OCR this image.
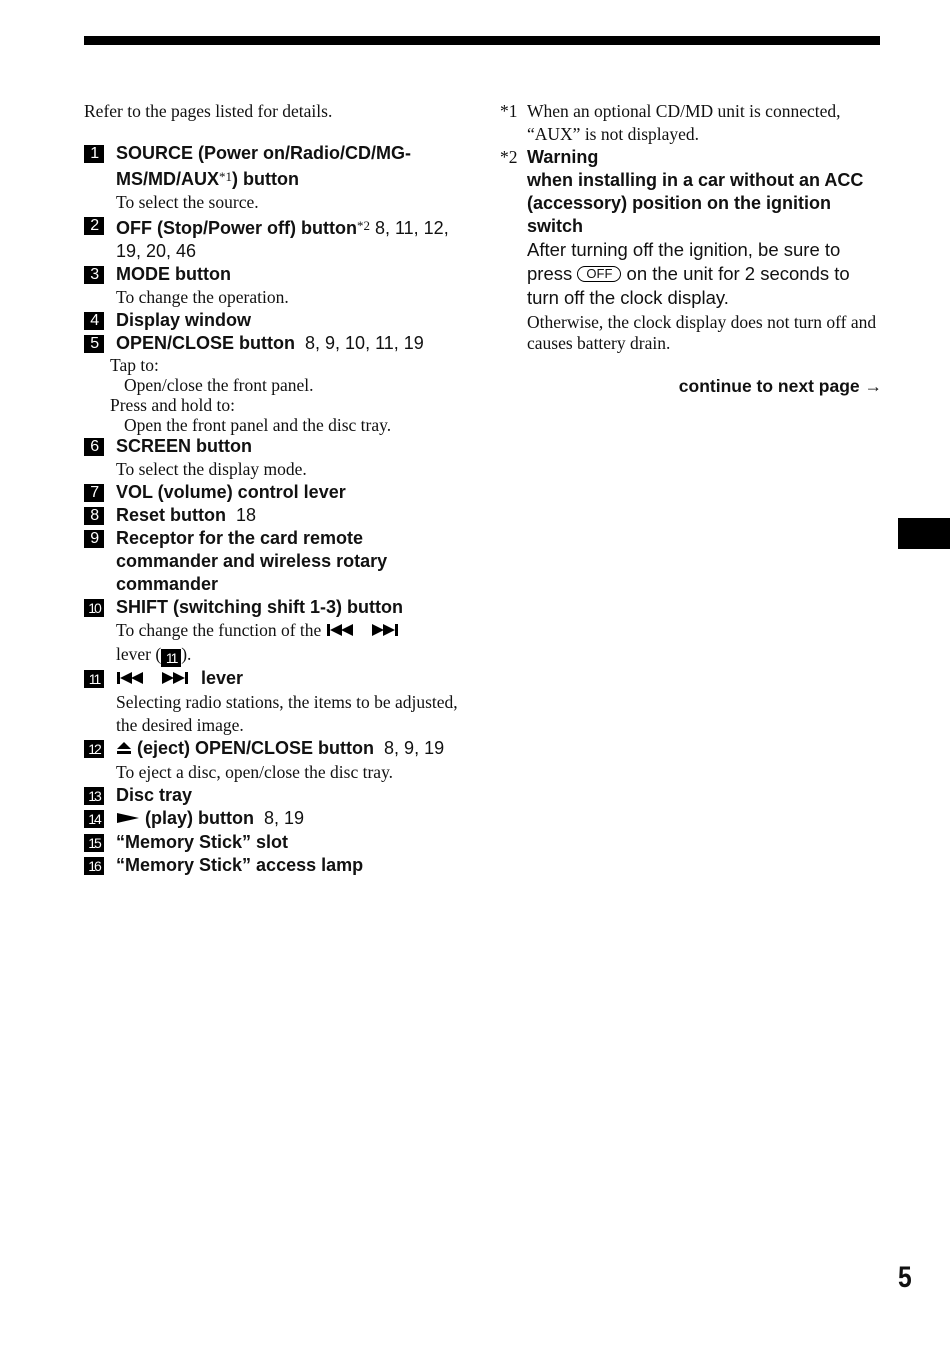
5
Refer to the pages listed for details.
1	SOURCE (Power on/Radio/CD/MG-MS/MD/AUX$^{*1}$) button
To select the source.
2	OFF (Stop/Power off) button$^{*2}$ 8, 11, 12, 19, 20, 46
3	MODE button
To change the operation.
4	Display window
5	OPEN/CLOSE button 8, 9, 10, 11, 19
Tap to:
Open/close the front panel.
Press and hold to:
Open the front panel and the disc tray.
6	SCREEN button
To select the display mode.
7	VOL (volume) control lever
8	Reset button 18
9	Receptor for the card remote commander and wireless rotary commander
10 SHIFT (switching shift 1-3) button
To change the function of the
lever ( 11 ).
11	lever
Selecting radio stations, the items to be adjusted, the desired image.
12	(eject) OPEN/CLOSE button 8, 9, 19
To eject a disc, open/close the disc tray.
13 Disc tray
14	(play) button 8, 19
15 “Memory Stick” slot
16 “Memory Stick” access lamp
*1 When an optional CD/MD unit is connected, “AUX” is not displayed.
*2 Warning
when installing in a car without an ACC (accessory) position on the ignition switch
After turning off the ignition, be sure to press OFF on the unit for 2 seconds to turn off the clock display.
Otherwise, the clock display does not turn off and causes battery drain.
continue to next page →
